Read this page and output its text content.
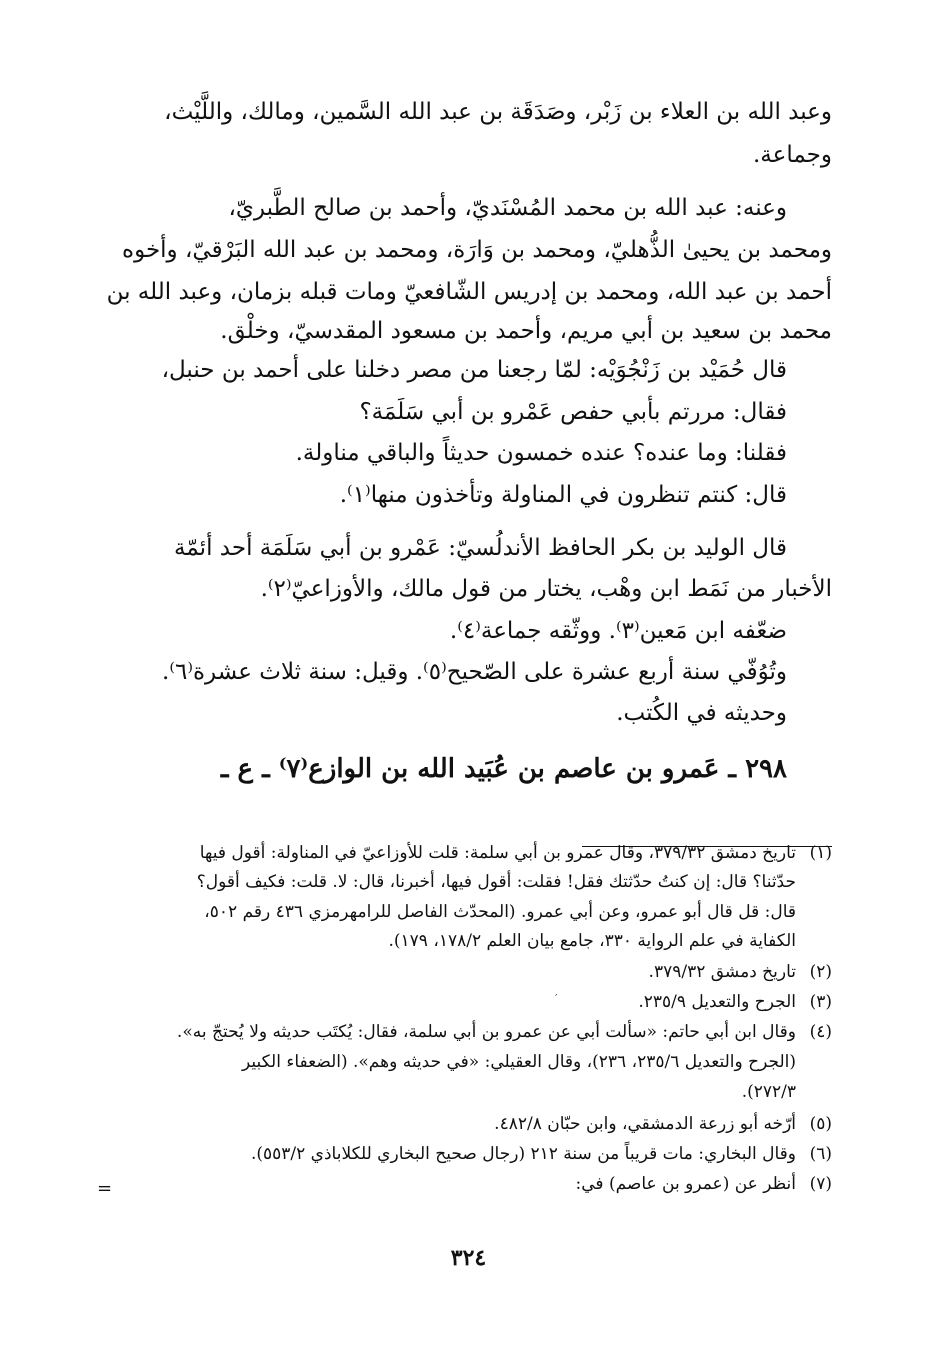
وعبد الله بن العلاء بن زَبْر، وصَدَقَة بن عبد الله السَّمين، ومالك، واللَّيْث،
وجماعة.
وعنه: عبد الله بن محمد المُسْنَديّ، وأحمد بن صالح الطَّبريّ،
ومحمد بن يحيىٰ الذُّهليّ، ومحمد بن وَارَة، ومحمد بن عبد الله البَرْقيّ، وأخوه
أحمد بن عبد الله، ومحمد بن إدريس الشّافعيّ ومات قبله بزمان، وعبد الله بن
محمد بن سعيد بن أبي مريم، وأحمد بن مسعود المقدسيّ، وخلْق.
قال حُمَيْد بن زَنْجُوَيْه: لمّا رجعنا من مصر دخلنا على أحمد بن حنبل،
فقال: مررتم بأبي حفص عَمْرو بن أبي سَلَمَة؟
فقلنا: وما عنده؟ عنده خمسون حديثاً والباقي مناولة.
قال: كنتم تنظرون في المناولة وتأخذون منها⁽١⁾.
قال الوليد بن بكر الحافظ الأندلُسيّ: عَمْرو بن أبي سَلَمَة أحد أئمّة
الأخبار من نَمَط ابن وهْب، يختار من قول مالك، والأوزاعيّ⁽٢⁾.
ضعّفه ابن مَعين⁽٣⁾. ووثّقه جماعة⁽٤⁾.
وتُوُفّي سنة أربع عشرة على الصّحيح⁽٥⁾. وقيل: سنة ثلاث عشرة⁽٦⁾.
وحديثه في الكُتب.
٢٩٨ ـ عَمرو بن عاصم بن عُبَيد الله بن الوازع⁽٧⁾ ـ ع ـ
(١)تاريخ دمشق ٣٧٩/٣٢، وقال عمرو بن أبي سلمة: قلت للأوزاعيّ في المناولة: أقول فيها
حدّثنا؟ قال: إن كنتُ حدّثتك فقل! فقلت: أقول فيها، أخبرنا، قال: لا. قلت: فكيف أقول؟
قال: قل قال أبو عمرو، وعن أبي عمرو. (المحدّث الفاصل للرامهرمزي ٤٣٦ رقم ٥٠٢،
الكفاية في علم الرواية ٣٣٠، جامع بيان العلم ١٧٨/٢، ١٧٩).
(٢)تاريخ دمشق ٣٧٩/٣٢.
(٣)الجرح والتعديل ٢٣٥/٩.
(٤)وقال ابن أبي حاتم: «سألت أبي عن عمرو بن أبي سلمة، فقال: يُكتَب حديثه ولا يُحتجّ به».
(الجرح والتعديل ٢٣٥/٦، ٢٣٦)، وقال العقيلي: «في حديثه وهم». (الضعفاء الكبير
٢٧٢/٣).
(٥)أرّخه أبو زرعة الدمشقي، وابن حبّان ٤٨٢/٨.
(٦)وقال البخاري: مات قريباً من سنة ٢١٢ (رجال صحيح البخاري للكلاباذي ٥٥٣/٢).
(٧)أنظر عن (عمرو بن عاصم) في:
=
′
٣٢٤
